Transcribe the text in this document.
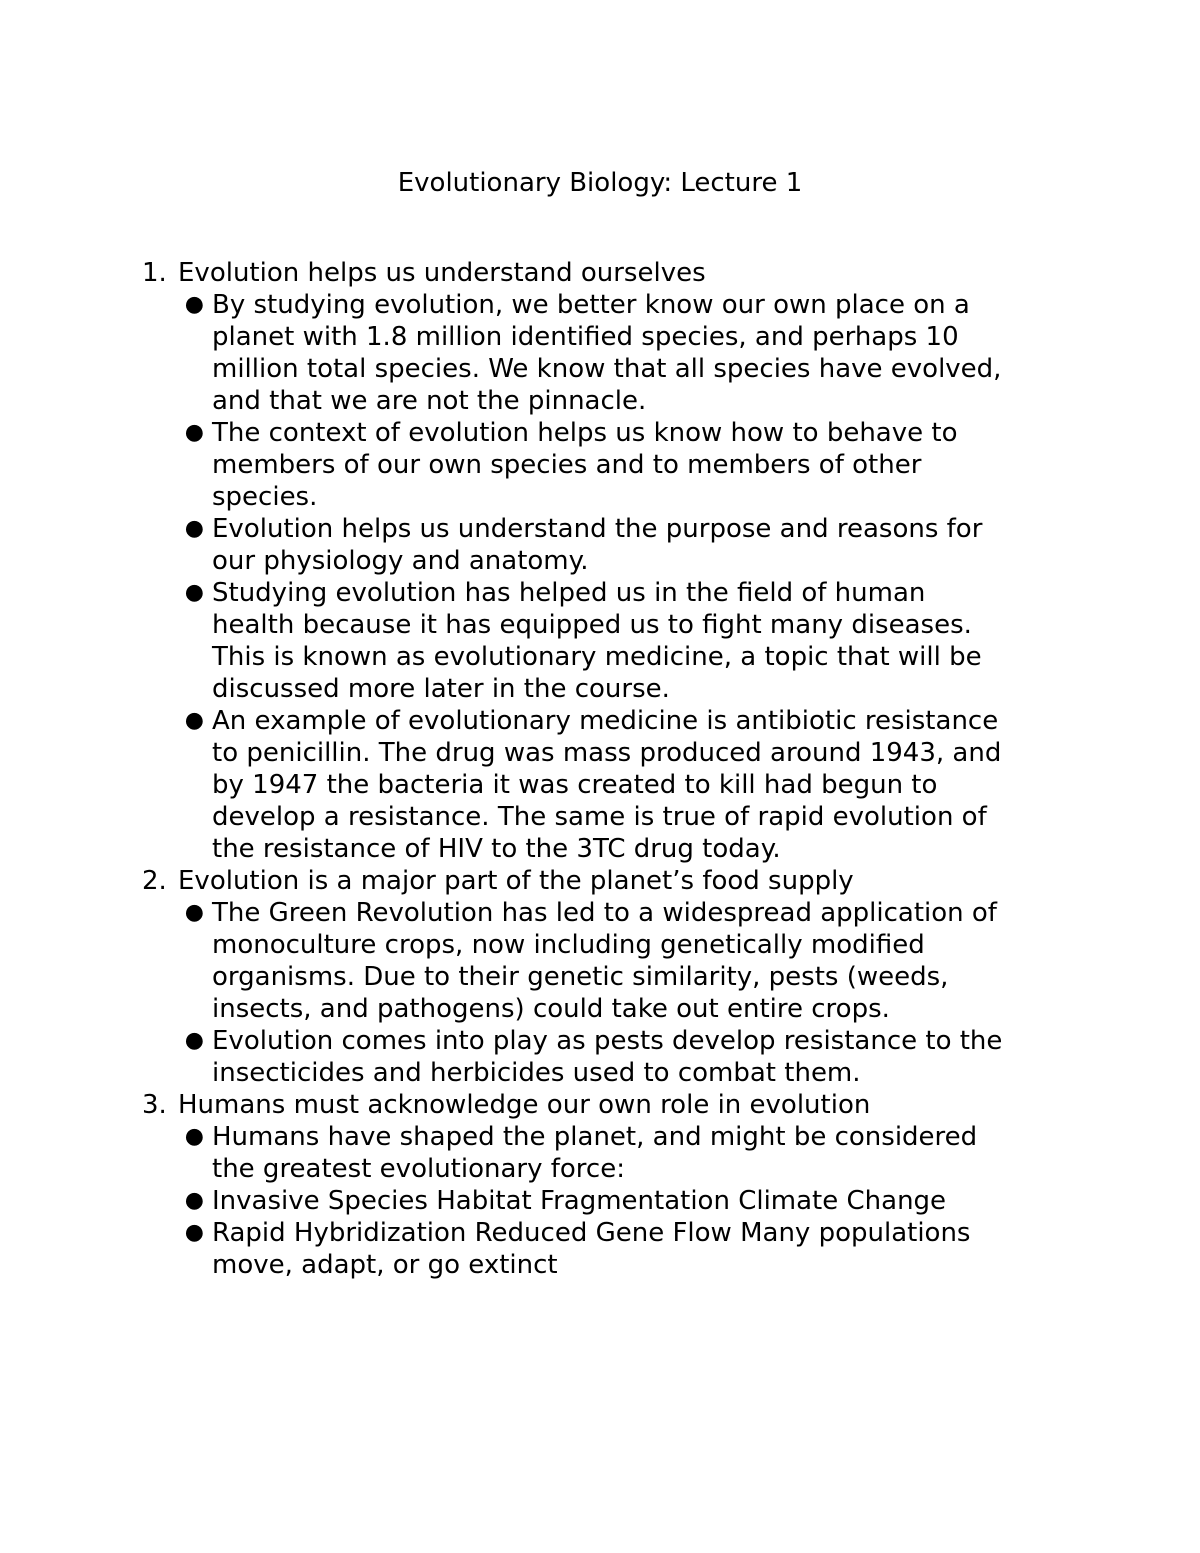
Evolutionary Biology: Lecture 1
1. Evolution helps us understand ourselves
● By studying evolution, we better know our own place on a
planet with 1.8 million identified species, and perhaps 10
million total species. We know that all species have evolved,
and that we are not the pinnacle.
● The context of evolution helps us know how to behave to
members of our own species and to members of other
species.
● Evolution helps us understand the purpose and reasons for
our physiology and anatomy.
● Studying evolution has helped us in the field of human
health because it has equipped us to fight many diseases.
This is known as evolutionary medicine, a topic that will be
discussed more later in the course.
● An example of evolutionary medicine is antibiotic resistance
to penicillin. The drug was mass produced around 1943, and
by 1947 the bacteria it was created to kill had begun to
develop a resistance. The same is true of rapid evolution of
the resistance of HIV to the 3TC drug today.
2. Evolution is a major part of the planet’s food supply
● The Green Revolution has led to a widespread application of
monoculture crops, now including genetically modified
organisms. Due to their genetic similarity, pests (weeds,
insects, and pathogens) could take out entire crops.
● Evolution comes into play as pests develop resistance to the
insecticides and herbicides used to combat them.
3. Humans must acknowledge our own role in evolution
● Humans have shaped the planet, and might be considered
the greatest evolutionary force:
● Invasive Species Habitat Fragmentation Climate Change
● Rapid Hybridization Reduced Gene Flow Many populations
move, adapt, or go extinct
